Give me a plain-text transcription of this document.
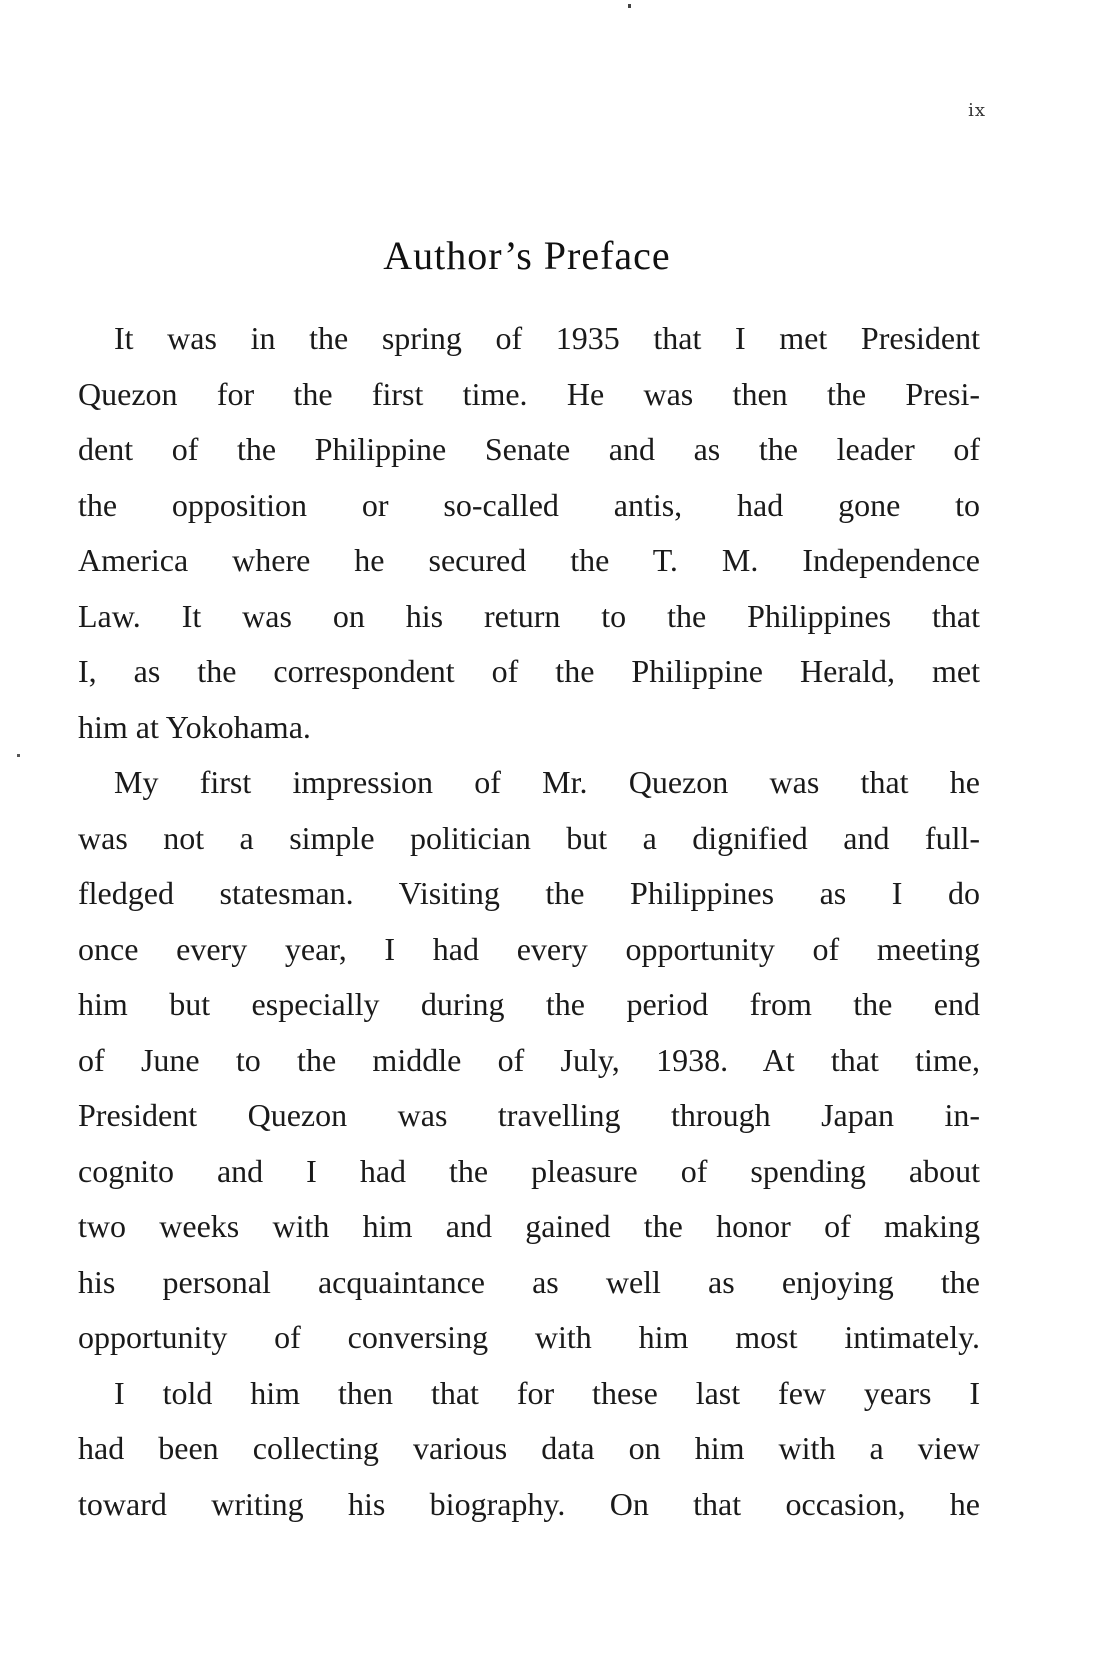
ix
Author’s Preface
It was in the spring of 1935 that I met President
Quezon for the first time. He was then the Presi-
dent of the Philippine Senate and as the leader of
the opposition or so-called antis, had gone to
America where he secured the T. M. Independence
Law. It was on his return to the Philippines that
I, as the correspondent of the Philippine Herald, met
him at Yokohama.
My first impression of Mr. Quezon was that he
was not a simple politician but a dignified and full-
fledged statesman. Visiting the Philippines as I do
once every year, I had every opportunity of meeting
him but especially during the period from the end
of June to the middle of July, 1938. At that time,
President Quezon was travelling through Japan in-
cognito and I had the pleasure of spending about
two weeks with him and gained the honor of making
his personal acquaintance as well as enjoying the
opportunity of conversing with him most intimately.
I told him then that for these last few years I
had been collecting various data on him with a view
toward writing his biography. On that occasion, he
